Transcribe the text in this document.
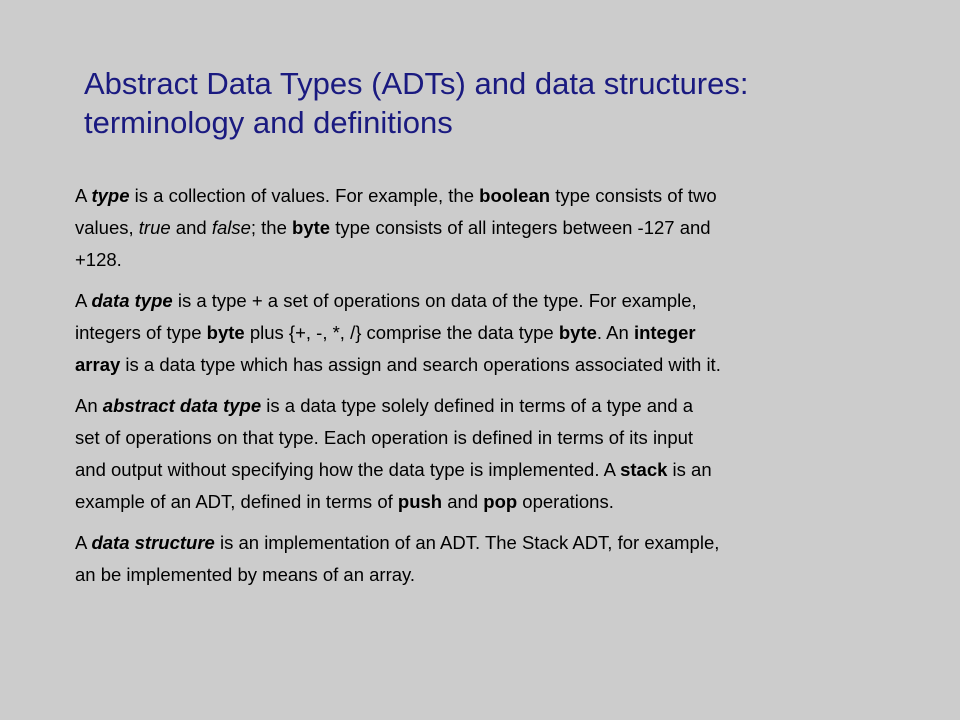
Abstract Data Types (ADTs) and data structures:
terminology and definitions

A type is a collection of values. For example, the boolean type consists of two
values, true and false; the byte type consists of all integers between -127 and
+128.

A data type is a type + a set of operations on data of the type. For example,
integers of type byte plus {+, -, *, /} comprise the data type byte. An integer
array is a data type which has assign and search operations associated with it.

An abstract data type is a data type solely defined in terms of a type and a
set of operations on that type. Each operation is defined in terms of its input
and output without specifying how the data type is implemented. A stack is an
example of an ADT, defined in terms of push and pop operations.

A data structure is an implementation of an ADT. The Stack ADT, for example,
an be implemented by means of an array.
